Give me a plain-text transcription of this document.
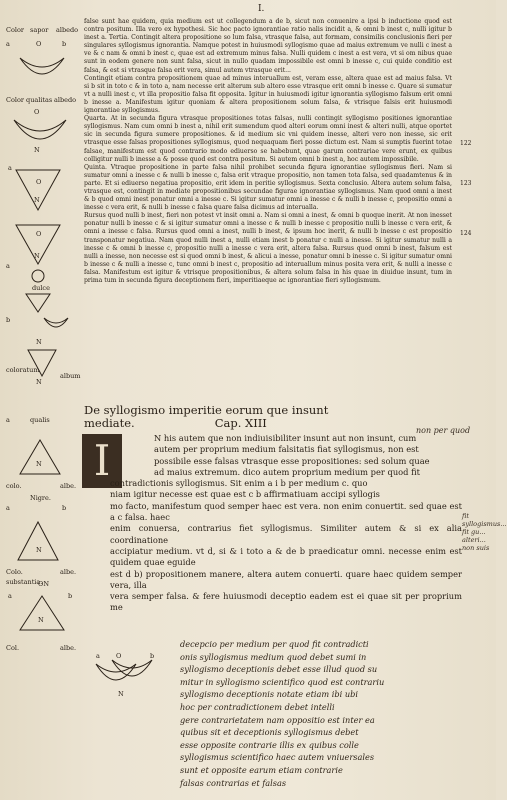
I.
Color sapor albedo
a	O	b
Color qualitas albedo
O
N
a
O
N
O
N
a
dulce
b
N
coloratum
album
N
a	qualis
N
colo.	albe.
Nigre.
a	b
N
Colo.	albe.
substantia.
ON
a	b
N
Col.	albe.
a O	b
N

false sunt hae quidem, quia medium est ut collegendum a de b, sicut non conuenire a ipsi b inductione quod est contra positum. Illa vero ex hypothesi. Sic hoc pacto ignorantiae ratio nalis incidit a, & omni b inest c, nulli igitur b inest a. Tertia. Contingit altera propositione so lum falsa, vtrasque falsa, aut formam, consimilis conclusionis fieri per singulares syllogismus ignorantia. Namque potest in huiusmodi syllogismo quae ad maius extremum ve nulli c inest a ve & c nam & omni b inest c, quae est ad extremum minus falsa. Nulli quidem c inest a est vera, vt si om nibus quae sunt in eodem genere non sunt falsa, sicut in nullo quadam impossibile est omni b inesse c, cui quide conditio est falsa, & est si vtrasque falsa erit vera, simul autem vtrasque erit...

Contingit etiam contra propositionem quae ad minus interuallum est, veram esse, altera quae est ad maius falsa. Vt si b sit in toto c & in toto a, nam necesse erit alterum sub altero esse vtrasque erit omni b inesse c. Quare si sumatur vt a nulli inest c, vt illa propositio falsa fit opposita. Igitur in huiusmodi igitur ignorantia syllogismo falsum erit omni b inesse a. Manifestum igitur quoniam & altera propositionem solum falsa, & vtrisque falsis erit huiusmodi ignorantiae syllogismus.

Quarta. At in secunda figura vtrasque propositiones totas falsas, nulli contingit syllogismo positiones ignorantiae syllogismus. Nam cum omni b inest a, nihil erit sumendum quod alteri eorum omni inest & alteri nulli, atque oportet sic in secunda figura sumere propositiones. & id medium sic vni quidem inesse, alteri vero non inesse, sic erit vtrasque esse falsas propositiones syllogismus, quod nequaquam fieri posse dictum est. Nam si sumptis fuerint totae falsae, manifestum est quod contrario modo ediuerso se habebunt, quae garum contrariae vere erunt, ex quibus colligitur nulli b inesse a & posse quod est contra positum. Si autem omni b inest a, hoc autem impossibile.

Quinta. Vtraque propositione in parte falsa nihil prohibet secunda figura ignorantiae syllogismus fieri. Nam si sumatur omni a inesse c & nulli b inesse c, falsa erit vtraque propositio, non tamen tota falsa, sed quadamtenus & in parte. Et si ediuerso negatiua propositio, erit idem in peritie syllogismus. Sexta conclusio. Altera autem solum falsa, vtrasque est, contingit in mediate propositionibus secundae figurae ignorantiae syllogismus. Nam quod omni a inest & b quod omni inest ponatur omni a inesse c. Si igitur sumatur omni a inesse c & nulli b inesse c, propositio omni a inesse c vera erit, & nulli b inesse c falsa quare falsa dicimus ad interualla.

Rursus quod nulli b inest, fieri non potest vt insit omni a. Nam si omni a inest, & omni b quoque inerit. At non inesset ponatur nulli b inesse c & si igitur sumatur omni a inesse c & nulli b inesse c propositio nulli b inesse c vera erit, & omni a inesse c falsa. Rursus quod omni a inest, nulli b inest, & ipsum hoc inerit, & nulli b inesse c est propositio transponatur negatiua. Nam quod nulli inest a, nulli etiam inest b ponatur c nulli a inesse. Si igitur sumatur nulli a inesse c & omni b inesse c, propositio nulli a inesse c vera erit, altera falsa. Rursus quod omni b inest, falsum est nulli a inesse, non necesse est si quod omni b inest, & alicui a inesse, ponatur omni b inesse c. Si igitur sumatur omni b inesse c & nulli a inesse c, tunc omni b inest c, propositio ad interuallum minus posita vera erit, & nulli a inesse c falsa. Manifestum est igitur & vtrisque propositionibus, & altera solum falsa in his quae in diuidue insunt, tum in prima tum in secunda figura deceptionem fieri, imperitiaeque ac ignorantiae fieri syllogismum.

122
123
124
De syllogismo imperitie eorum que insunt
mediate.	Cap. XIII
I
non per quod
fit syllogismus... fit gu... alteri... non suis
N his autem que non indiuisibiliter insunt aut non insunt, cum
autem per proprium medium falsitatis fiat syllogismus, non est
possibile esse falsas vtrasque esse propositiones: sed solum quae
ad maius extremum. dico autem proprium medium per quod fit
contradictionis syllogismus. Sit enim a i b per medium c. quo
niam igitur necesse est quae est c b affirmatiuam accipi syllogis
mo facto, manifestum quod semper haec est vera. non enim conuertit. sed quae est a c falsa. haec
enim conuersa, contrarius fiet syllogismus. Similiter autem & si ex alia coordinatione
accipiatur medium. vt d, si & i toto a & de b praedicatur omni. necesse enim est quidem quae eguide
est d b) propositionem manere, altera autem conuerti. quare haec quidem semper vera, illa
vera semper falsa. & fere huiusmodi deceptio eadem est ei quae sit per proprium me

decepcio per medium per quod fit contradicti

onis syllogismus medium quod debet sumi in

syllogismo deceptionis debet esse illud quod su

mitur in syllogismo scientifico quod est contrariu

syllogismo deceptionis notate etiam ibi ubi

hoc per contradictionem debet intelli

gere contrarietatem nam oppositio est inter ea

quibus sit et deceptionis syllogismus debet

esse opposite contrarie illis ex quibus colle

syllogismus scientifico haec autem vniuersales

sunt et opposite earum etiam contrarie

falsas contrarias et falsas
